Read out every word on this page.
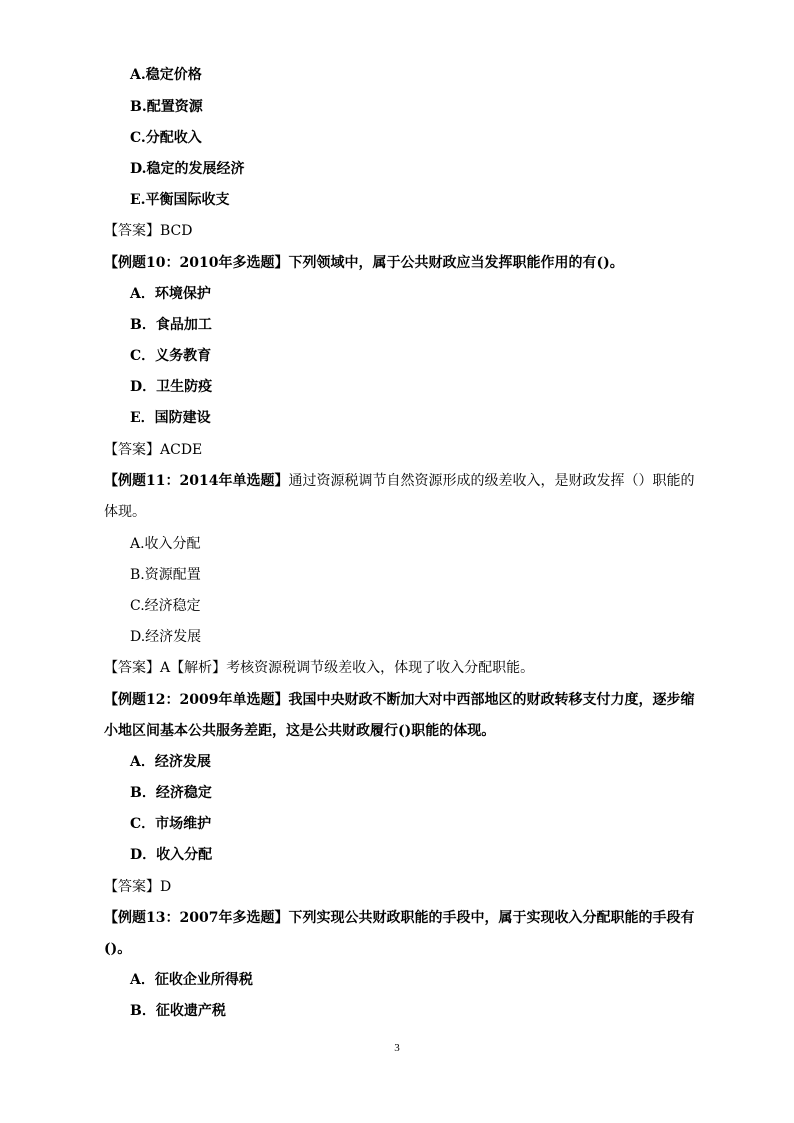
A.稳定价格
B.配置资源
C.分配收入
D.稳定的发展经济
E.平衡国际收支
【答案】BCD
【例题10：2010年多选题】下列领域中，属于公共财政应当发挥职能作用的有()。
A．环境保护
B．食品加工
C．义务教育
D．卫生防疫
E．国防建设
【答案】ACDE
【例题11：2014年单选题】通过资源税调节自然资源形成的级差收入，是财政发挥（）职能的
体现。
A.收入分配
B.资源配置
C.经济稳定
D.经济发展
【答案】A【解析】考核资源税调节级差收入，体现了收入分配职能。
【例题12：2009年单选题】我国中央财政不断加大对中西部地区的财政转移支付力度，逐步缩
小地区间基本公共服务差距，这是公共财政履行()职能的体现。
A．经济发展
B．经济稳定
C．市场维护
D．收入分配
【答案】D
【例题13：2007年多选题】下列实现公共财政职能的手段中，属于实现收入分配职能的手段有
()。
A．征收企业所得税
B．征收遗产税
3
